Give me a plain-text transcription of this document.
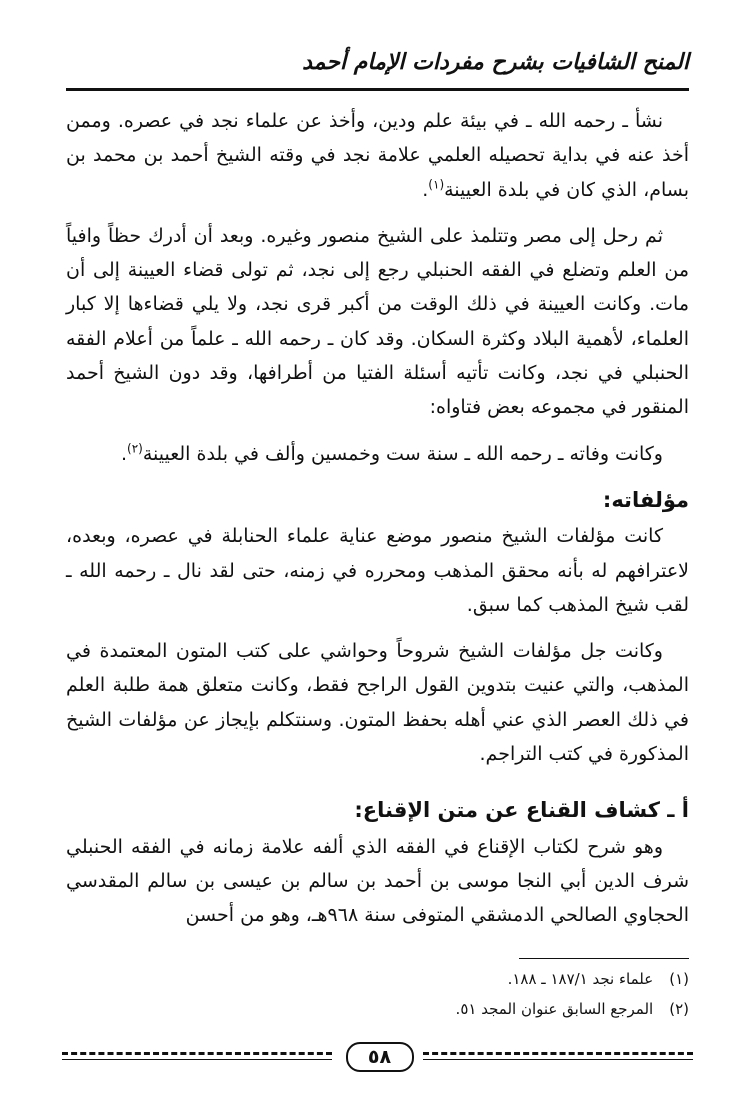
المنح الشافيات بشرح مفردات الإمام أحمد

نشأ ـ رحمه الله ـ في بيئة علم ودين، وأخذ عن علماء نجد في عصره. وممن أخذ عنه في بداية تحصيله العلمي علامة نجد في وقته الشيخ أحمد بن محمد بن بسام، الذي كان في بلدة العيينة$^{(١)}$.

ثم رحل إلى مصر وتتلمذ على الشيخ منصور وغيره. وبعد أن أدرك حظاً وافياً من العلم وتضلع في الفقه الحنبلي رجع إلى نجد، ثم تولى قضاء العيينة إلى أن مات. وكانت العيينة في ذلك الوقت من أكبر قرى نجد، ولا يلي قضاءها إلا كبار العلماء، لأهمية البلاد وكثرة السكان. وقد كان ـ رحمه الله ـ علماً من أعلام الفقه الحنبلي في نجد، وكانت تأتيه أسئلة الفتيا من أطرافها، وقد دون الشيخ أحمد المنقور في مجموعه بعض فتاواه:

وكانت وفاته ـ رحمه الله ـ سنة ست وخمسين وألف في بلدة العيينة$^{(٢)}$.

مؤلفاته:

كانت مؤلفات الشيخ منصور موضع عناية علماء الحنابلة في عصره، وبعده، لاعترافهم له بأنه محقق المذهب ومحرره في زمنه، حتى لقد نال ـ رحمه الله ـ لقب شيخ المذهب كما سبق.

وكانت جل مؤلفات الشيخ شروحاً وحواشي على كتب المتون المعتمدة في المذهب، والتي عنيت بتدوين القول الراجح فقط، وكانت متعلق همة طلبة العلم في ذلك العصر الذي عني أهله بحفظ المتون. وسنتكلم بإيجاز عن مؤلفات الشيخ المذكورة في كتب التراجم.

أ ـ كشاف القناع عن متن الإقناع:

وهو شرح لكتاب الإقناع في الفقه الذي ألفه علامة زمانه في الفقه الحنبلي شرف الدين أبي النجا موسى بن أحمد بن سالم بن عيسى بن سالم المقدسي الحجاوي الصالحي الدمشقي المتوفى سنة ٩٦٨هـ، وهو من أحسن

(١)علماء نجد ١٨٧/١ ـ ١٨٨.

(٢)المرجع السابق عنوان المجد ٥١.

٥٨
